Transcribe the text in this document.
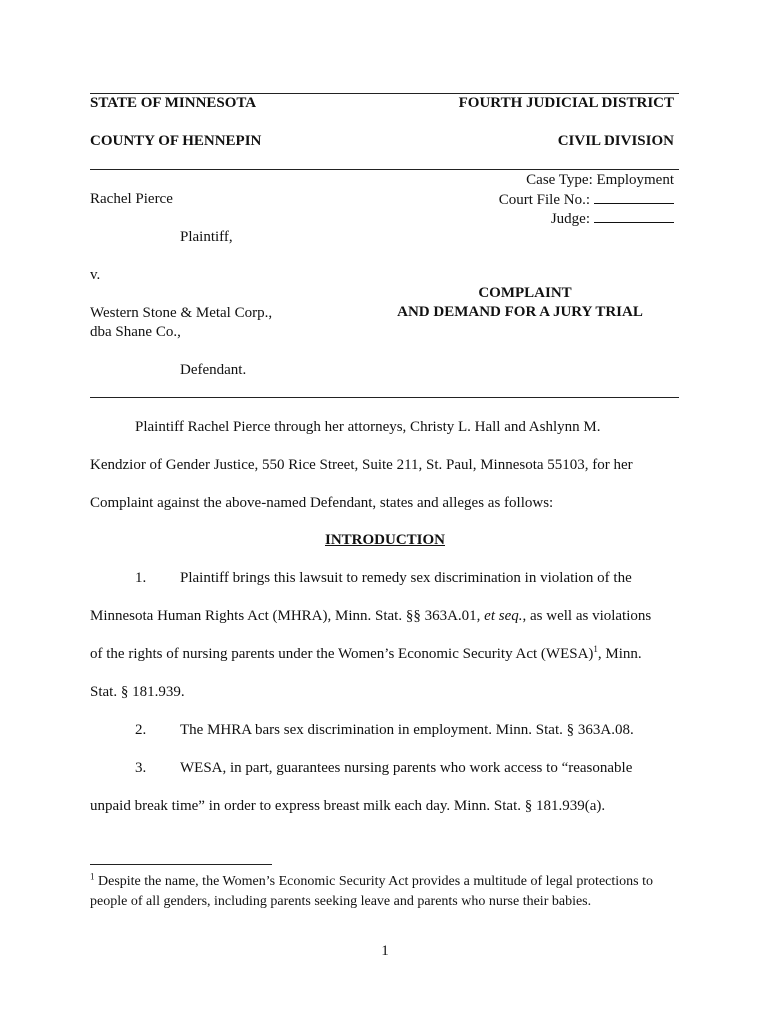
STATE OF MINNESOTA	FOURTH JUDICIAL DISTRICT
COUNTY OF HENNEPIN	CIVIL DIVISION
Case Type: Employment
Court File No.:
Judge:
Rachel Pierce
Plaintiff,
v.
Western Stone & Metal Corp.,
dba Shane Co.,
Defendant.
COMPLAINT
AND DEMAND FOR A JURY TRIAL
Plaintiff Rachel Pierce through her attorneys, Christy L. Hall and Ashlynn M.
Kendzior of Gender Justice, 550 Rice Street, Suite 211, St. Paul, Minnesota 55103, for her
Complaint against the above-named Defendant, states and alleges as follows:
INTRODUCTION
1. Plaintiff brings this lawsuit to remedy sex discrimination in violation of the
Minnesota Human Rights Act (MHRA), Minn. Stat. §§ 363A.01, et seq., as well as violations
of the rights of nursing parents under the Women’s Economic Security Act (WESA)$^1$, Minn.
Stat. § 181.939.
2. The MHRA bars sex discrimination in employment. Minn. Stat. § 363A.08.
3. WESA, in part, guarantees nursing parents who work access to “reasonable
unpaid break time” in order to express breast milk each day. Minn. Stat. § 181.939(a).
$^1$ Despite the name, the Women’s Economic Security Act provides a multitude of legal protections to people of all genders, including parents seeking leave and parents who nurse their babies.
1
